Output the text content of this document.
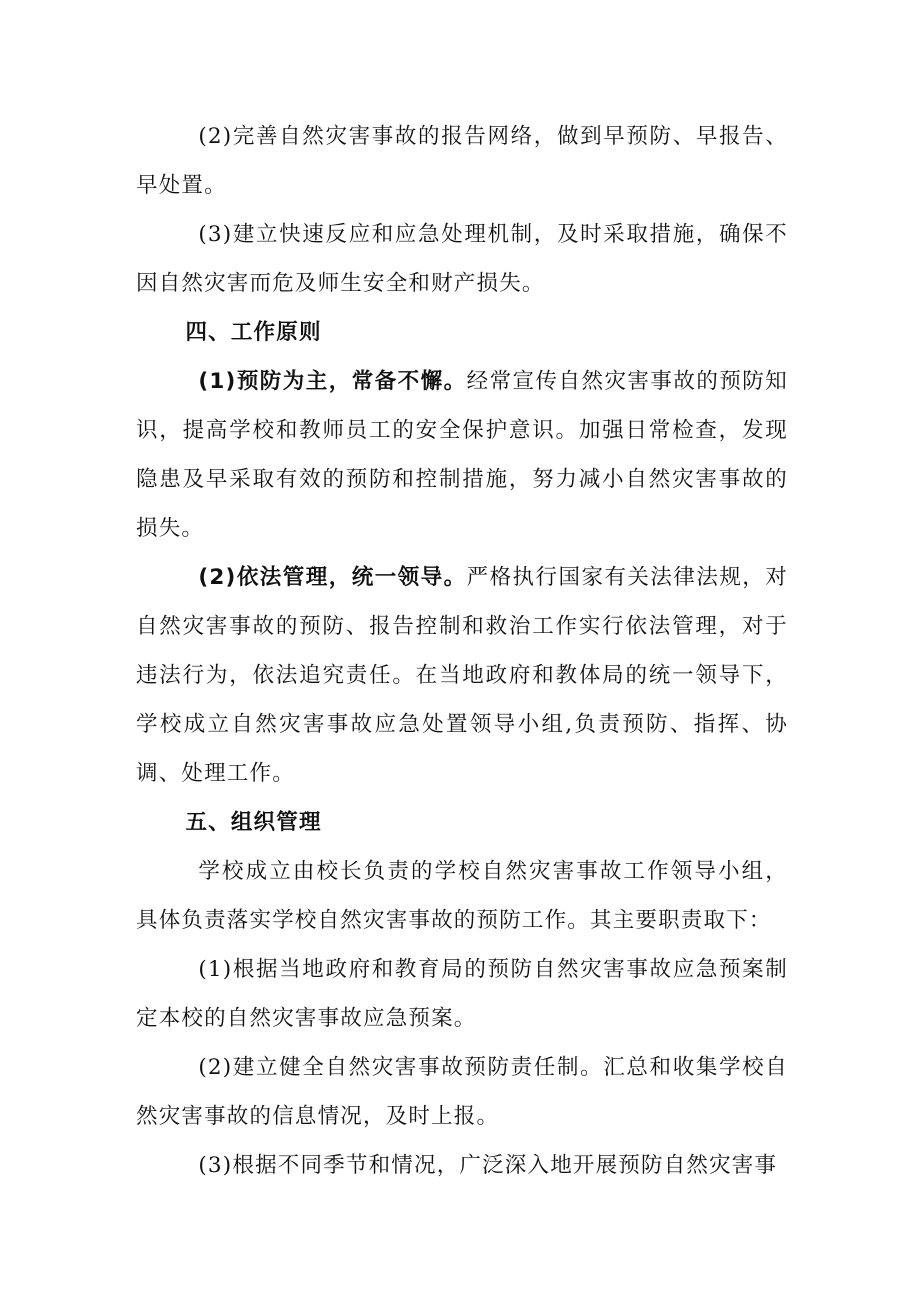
(2)完善自然灾害事故的报告网络，做到早预防、早报告、早处置。

(3)建立快速反应和应急处理机制，及时采取措施，确保不因自然灾害而危及师生安全和财产损失。

四、工作原则

(1)预防为主，常备不懈。经常宣传自然灾害事故的预防知识，提高学校和教师员工的安全保护意识。加强日常检查，发现隐患及早采取有效的预防和控制措施，努力减小自然灾害事故的损失。

(2)依法管理，统一领导。严格执行国家有关法律法规，对自然灾害事故的预防、报告控制和救治工作实行依法管理，对于违法行为，依法追究责任。在当地政府和教体局的统一领导下，学校成立自然灾害事故应急处置领导小组,负责预防、指挥、协调、处理工作。

五、组织管理

学校成立由校长负责的学校自然灾害事故工作领导小组，具体负责落实学校自然灾害事故的预防工作。其主要职责取下：

(1)根据当地政府和教育局的预防自然灾害事故应急预案制定本校的自然灾害事故应急预案。

(2)建立健全自然灾害事故预防责任制。汇总和收集学校自然灾害事故的信息情况，及时上报。

(3)根据不同季节和情况，广泛深入地开展预防自然灾害事
